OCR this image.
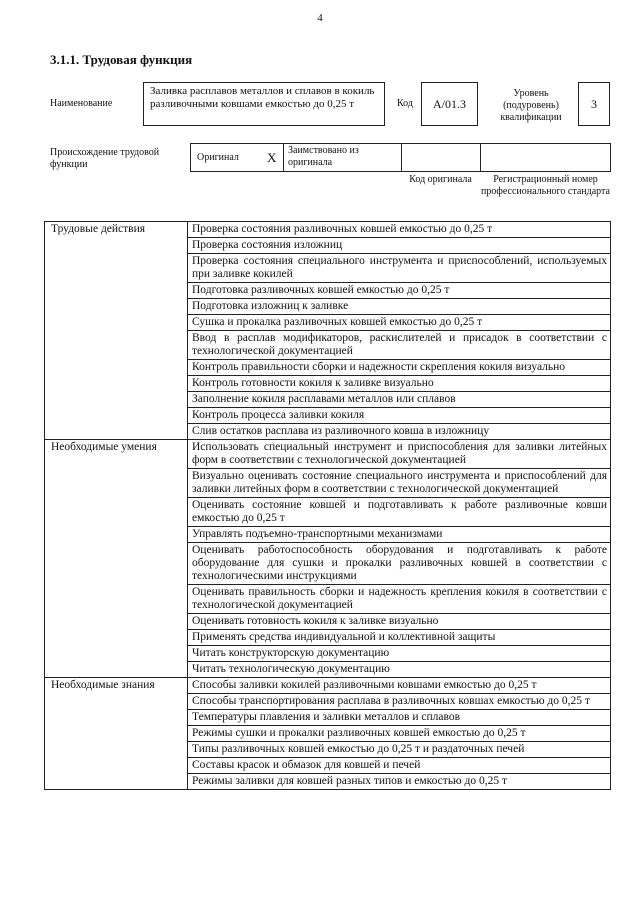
4
3.1.1. Трудовая функция
Наименование
Заливка расплавов металлов и сплавов в кокиль разливочными ковшами емкостью до 0,25 т	Код	A/01.3
Уровень (подуровень) квалификации
3
Происхождение трудовой функции
Оригинал X Заимствовано из оригинала
Код оригинала	Регистрационный номер профессионального стандарта
Трудовые действия	Проверка состояния разливочных ковшей емкостью до 0,25 т
	Проверка состояния изложниц
	Проверка состояния специального инструмента и приспособлений, используемых при заливке кокилей
	Подготовка разливочных ковшей емкостью до 0,25 т
	Подготовка изложниц к заливке
	Сушка и прокалка разливочных ковшей емкостью до 0,25 т
	Ввод в расплав модификаторов, раскислителей и присадок в соответствии с технологической документацией
	Контроль правильности сборки и надежности скрепления кокиля визуально
	Контроль готовности кокиля к заливке визуально
	Заполнение кокиля расплавами металлов или сплавов
	Контроль процесса заливки кокиля
	Слив остатков расплава из разливочного ковша в изложницу
Необходимые умения	Использовать специальный инструмент и приспособления для заливки литейных форм в соответствии с технологической документацией
	Визуально оценивать состояние специального инструмента и приспособлений для заливки литейных форм в соответствии с технологической документацией
	Оценивать состояние ковшей и подготавливать к работе разливочные ковши емкостью до 0,25 т
	Управлять подъемно-транспортными механизмами
	Оценивать работоспособность оборудования и подготавливать к работе оборудование для сушки и прокалки разливочных ковшей в соответствии с технологическими инструкциями
	Оценивать правильность сборки и надежность крепления кокиля в соответствии с технологической документацией
	Оценивать готовность кокиля к заливке визуально
	Применять средства индивидуальной и коллективной защиты
	Читать конструкторскую документацию
	Читать технологическую документацию
Необходимые знания	Способы заливки кокилей разливочными ковшами емкостью до 0,25 т
	Способы транспортирования расплава в разливочных ковшах емкостью до 0,25 т
	Температуры плавления и заливки металлов и сплавов
	Режимы сушки и прокалки разливочных ковшей емкостью до 0,25 т
	Типы разливочных ковшей емкостью до 0,25 т и раздаточных печей
	Составы красок и обмазок для ковшей и печей
	Режимы заливки для ковшей разных типов и емкостью до 0,25 т
